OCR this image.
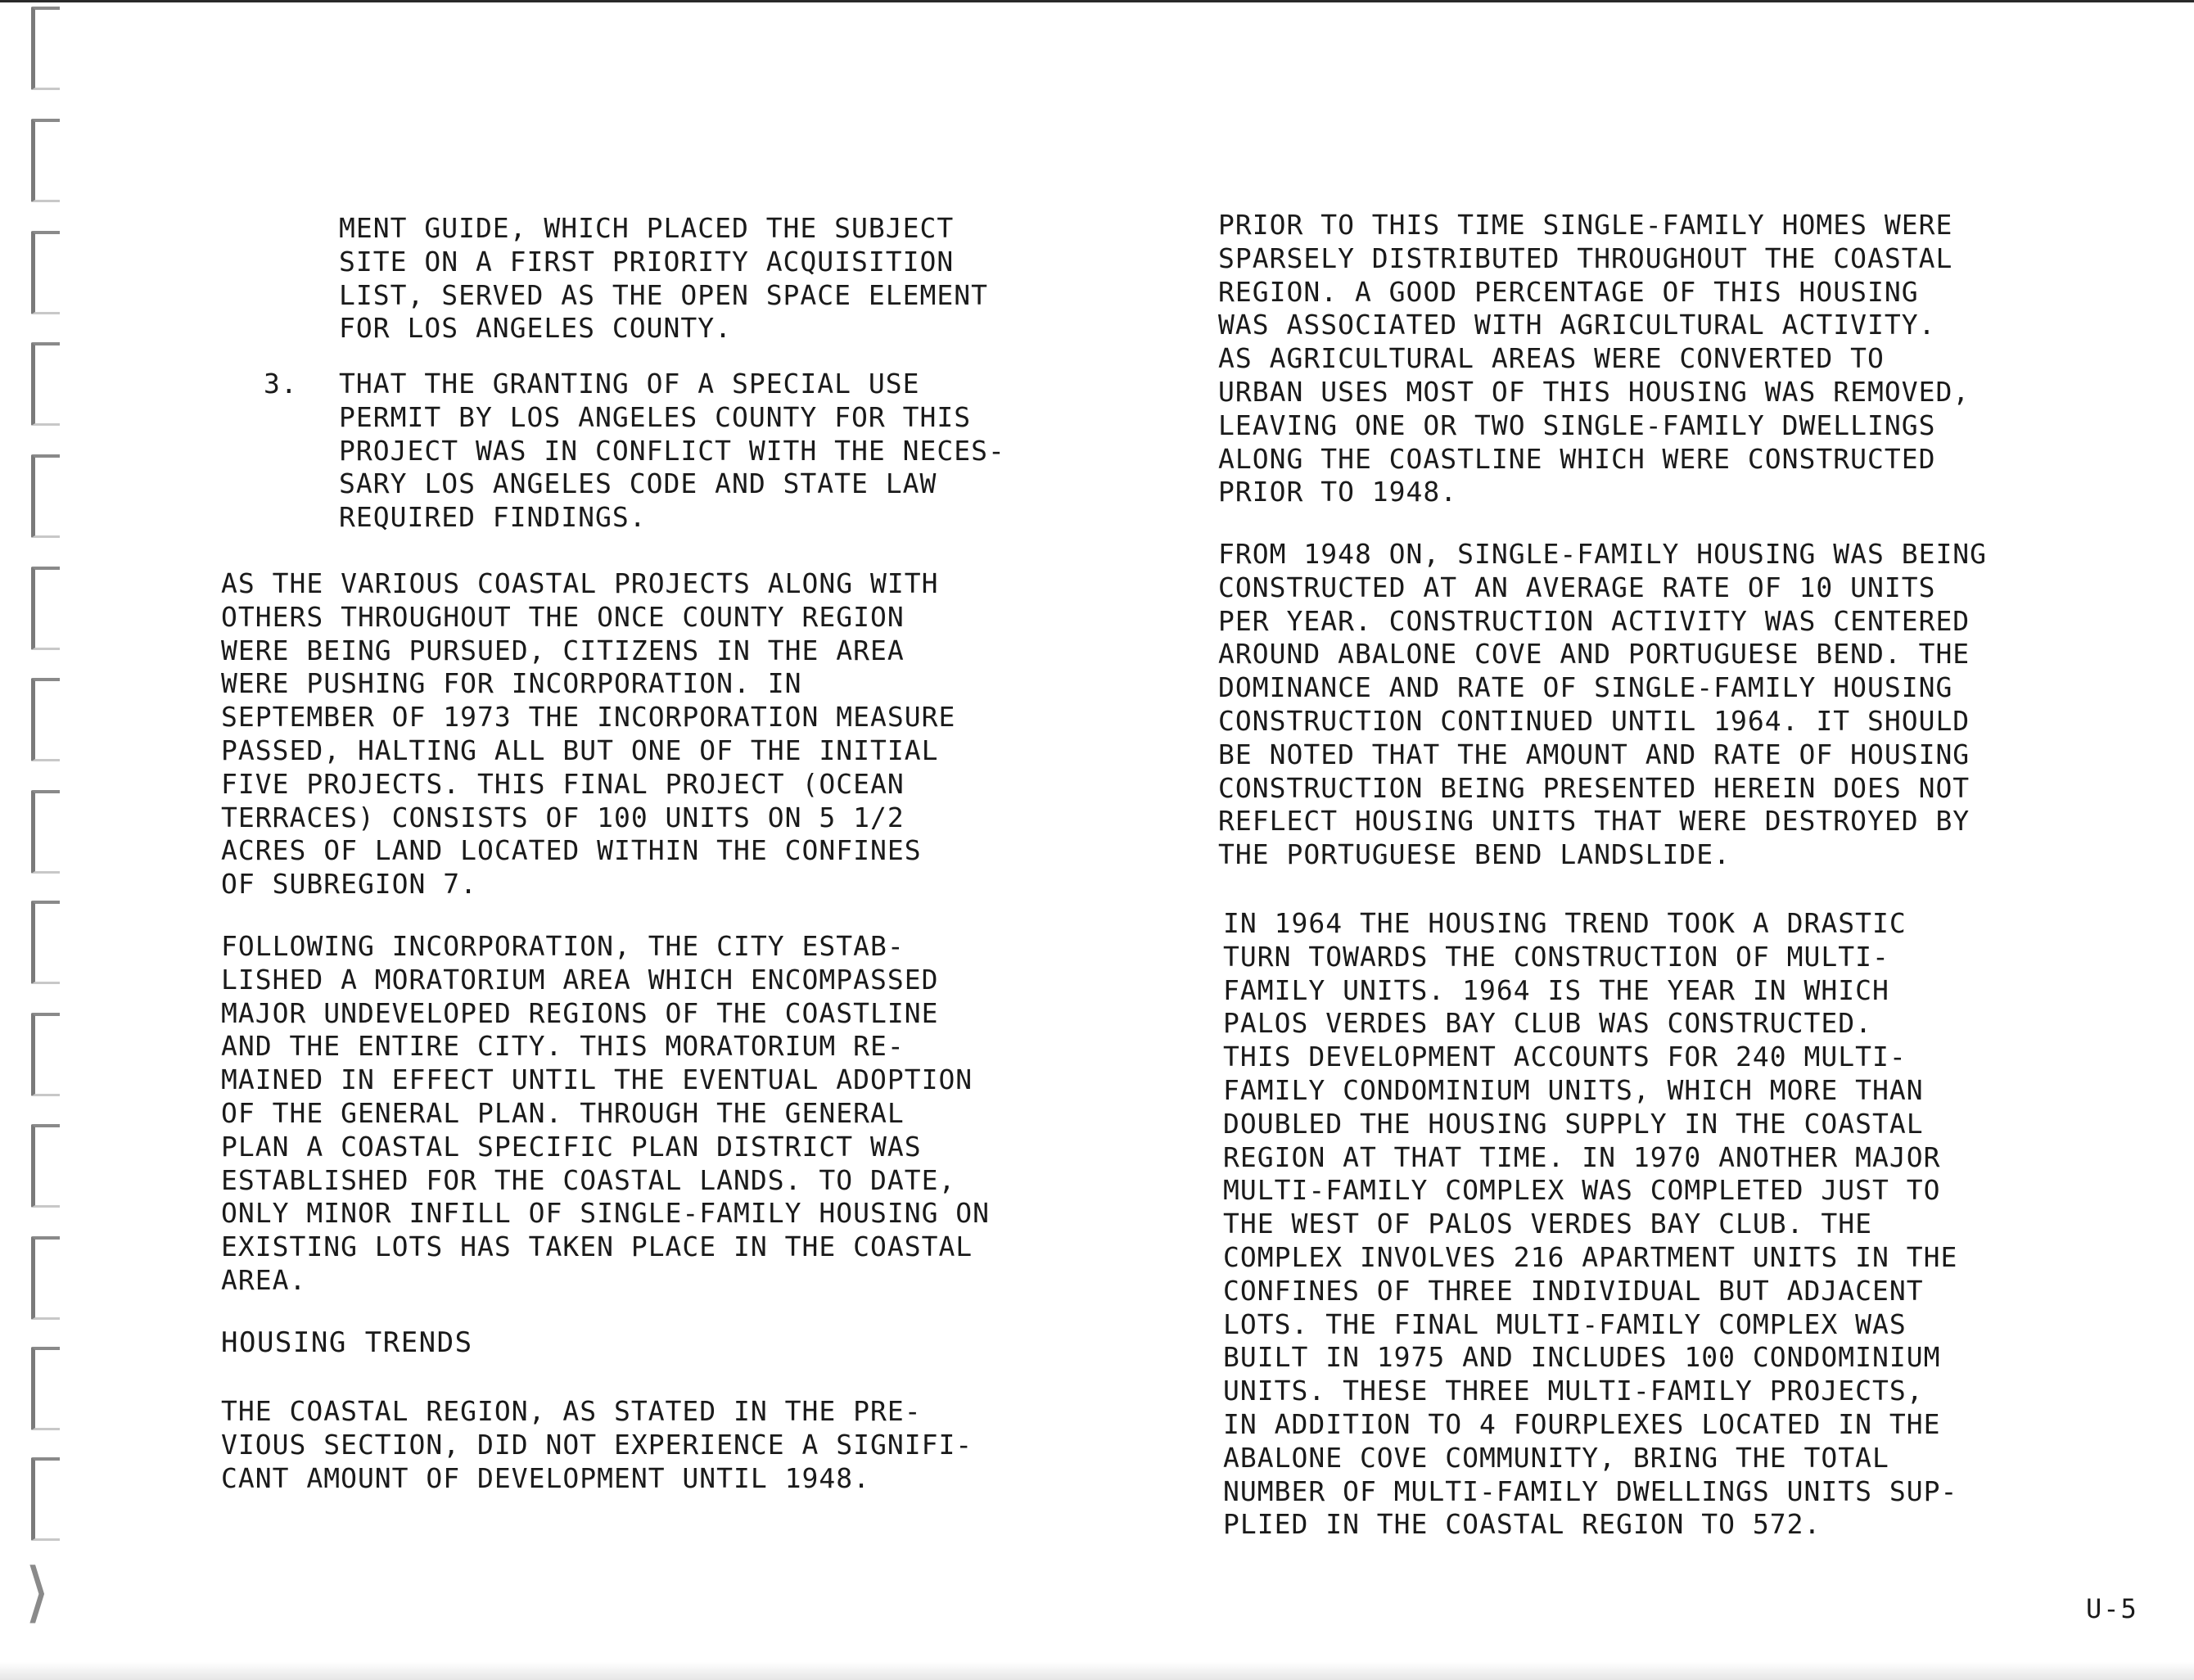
⟩
MENT GUIDE, WHICH PLACED THE SUBJECT
SITE ON A FIRST PRIORITY ACQUISITION
LIST, SERVED AS THE OPEN SPACE ELEMENT
FOR LOS ANGELES COUNTY.
3. THAT THE GRANTING OF A SPECIAL USE
PERMIT BY LOS ANGELES COUNTY FOR THIS
PROJECT WAS IN CONFLICT WITH THE NECES-
SARY LOS ANGELES CODE AND STATE LAW
REQUIRED FINDINGS.
AS THE VARIOUS COASTAL PROJECTS ALONG WITH
OTHERS THROUGHOUT THE ONCE COUNTY REGION
WERE BEING PURSUED, CITIZENS IN THE AREA
WERE PUSHING FOR INCORPORATION. IN
SEPTEMBER OF 1973 THE INCORPORATION MEASURE
PASSED, HALTING ALL BUT ONE OF THE INITIAL
FIVE PROJECTS. THIS FINAL PROJECT (OCEAN
TERRACES) CONSISTS OF 100 UNITS ON 5 1/2
ACRES OF LAND LOCATED WITHIN THE CONFINES
OF SUBREGION 7.
FOLLOWING INCORPORATION, THE CITY ESTAB-
LISHED A MORATORIUM AREA WHICH ENCOMPASSED
MAJOR UNDEVELOPED REGIONS OF THE COASTLINE
AND THE ENTIRE CITY. THIS MORATORIUM RE-
MAINED IN EFFECT UNTIL THE EVENTUAL ADOPTION
OF THE GENERAL PLAN. THROUGH THE GENERAL
PLAN A COASTAL SPECIFIC PLAN DISTRICT WAS
ESTABLISHED FOR THE COASTAL LANDS. TO DATE,
ONLY MINOR INFILL OF SINGLE-FAMILY HOUSING ON
EXISTING LOTS HAS TAKEN PLACE IN THE COASTAL
AREA.
HOUSING TRENDS
THE COASTAL REGION, AS STATED IN THE PRE-
VIOUS SECTION, DID NOT EXPERIENCE A SIGNIFI-
CANT AMOUNT OF DEVELOPMENT UNTIL 1948.
PRIOR TO THIS TIME SINGLE-FAMILY HOMES WERE
SPARSELY DISTRIBUTED THROUGHOUT THE COASTAL
REGION. A GOOD PERCENTAGE OF THIS HOUSING
WAS ASSOCIATED WITH AGRICULTURAL ACTIVITY.
AS AGRICULTURAL AREAS WERE CONVERTED TO
URBAN USES MOST OF THIS HOUSING WAS REMOVED,
LEAVING ONE OR TWO SINGLE-FAMILY DWELLINGS
ALONG THE COASTLINE WHICH WERE CONSTRUCTED
PRIOR TO 1948.
FROM 1948 ON, SINGLE-FAMILY HOUSING WAS BEING
CONSTRUCTED AT AN AVERAGE RATE OF 10 UNITS
PER YEAR. CONSTRUCTION ACTIVITY WAS CENTERED
AROUND ABALONE COVE AND PORTUGUESE BEND. THE
DOMINANCE AND RATE OF SINGLE-FAMILY HOUSING
CONSTRUCTION CONTINUED UNTIL 1964. IT SHOULD
BE NOTED THAT THE AMOUNT AND RATE OF HOUSING
CONSTRUCTION BEING PRESENTED HEREIN DOES NOT
REFLECT HOUSING UNITS THAT WERE DESTROYED BY
THE PORTUGUESE BEND LANDSLIDE.
IN 1964 THE HOUSING TREND TOOK A DRASTIC
TURN TOWARDS THE CONSTRUCTION OF MULTI-
FAMILY UNITS. 1964 IS THE YEAR IN WHICH
PALOS VERDES BAY CLUB WAS CONSTRUCTED.
THIS DEVELOPMENT ACCOUNTS FOR 240 MULTI-
FAMILY CONDOMINIUM UNITS, WHICH MORE THAN
DOUBLED THE HOUSING SUPPLY IN THE COASTAL
REGION AT THAT TIME. IN 1970 ANOTHER MAJOR
MULTI-FAMILY COMPLEX WAS COMPLETED JUST TO
THE WEST OF PALOS VERDES BAY CLUB. THE
COMPLEX INVOLVES 216 APARTMENT UNITS IN THE
CONFINES OF THREE INDIVIDUAL BUT ADJACENT
LOTS. THE FINAL MULTI-FAMILY COMPLEX WAS
BUILT IN 1975 AND INCLUDES 100 CONDOMINIUM
UNITS. THESE THREE MULTI-FAMILY PROJECTS,
IN ADDITION TO 4 FOURPLEXES LOCATED IN THE
ABALONE COVE COMMUNITY, BRING THE TOTAL
NUMBER OF MULTI-FAMILY DWELLINGS UNITS SUP-
PLIED IN THE COASTAL REGION TO 572.
U-5
